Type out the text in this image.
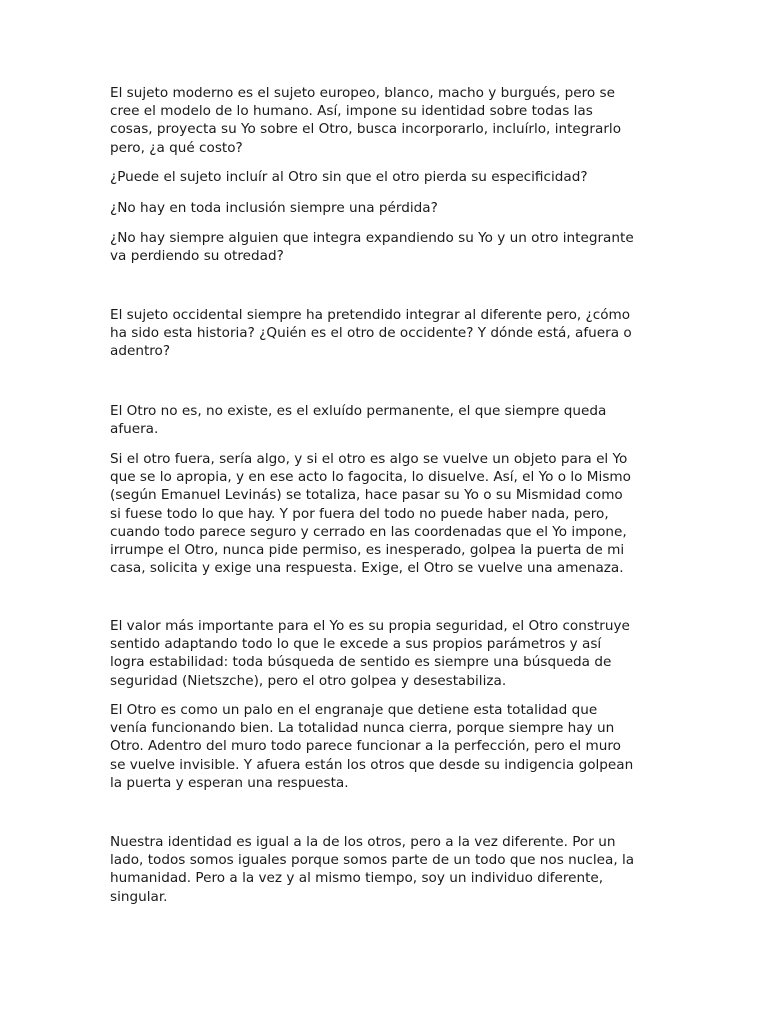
El sujeto moderno es el sujeto europeo, blanco, macho y burgués, pero se
cree el modelo de lo humano. Así, impone su identidad sobre todas las
cosas, proyecta su Yo sobre el Otro, busca incorporarlo, incluírlo, integrarlo
pero, ¿a qué costo?

¿Puede el sujeto incluír al Otro sin que el otro pierda su especificidad?

¿No hay en toda inclusión siempre una pérdida?

¿No hay siempre alguien que integra expandiendo su Yo y un otro integrante
va perdiendo su otredad?

El sujeto occidental siempre ha pretendido integrar al diferente pero, ¿cómo
ha sido esta historia? ¿Quién es el otro de occidente? Y dónde está, afuera o
adentro?

El Otro no es, no existe, es el exluído permanente, el que siempre queda
afuera.

Si el otro fuera, sería algo, y si el otro es algo se vuelve un objeto para el Yo
que se lo apropia, y en ese acto lo fagocita, lo disuelve. Así, el Yo o lo Mismo
(según Emanuel Levinás) se totaliza, hace pasar su Yo o su Mismidad como
si fuese todo lo que hay. Y por fuera del todo no puede haber nada, pero,
cuando todo parece seguro y cerrado en las coordenadas que el Yo impone,
irrumpe el Otro, nunca pide permiso, es inesperado, golpea la puerta de mi
casa, solicita y exige una respuesta. Exige, el Otro se vuelve una amenaza.

El valor más importante para el Yo es su propia seguridad, el Otro construye
sentido adaptando todo lo que le excede a sus propios parámetros y así
logra estabilidad: toda búsqueda de sentido es siempre una búsqueda de
seguridad (Nietszche), pero el otro golpea y desestabiliza.

El Otro es como un palo en el engranaje que detiene esta totalidad que
venía funcionando bien. La totalidad nunca cierra, porque siempre hay un
Otro. Adentro del muro todo parece funcionar a la perfección, pero el muro
se vuelve invisible. Y afuera están los otros que desde su indigencia golpean
la puerta y esperan una respuesta.

Nuestra identidad es igual a la de los otros, pero a la vez diferente. Por un
lado, todos somos iguales porque somos parte de un todo que nos nuclea, la
humanidad. Pero a la vez y al mismo tiempo, soy un individuo diferente,
singular.
